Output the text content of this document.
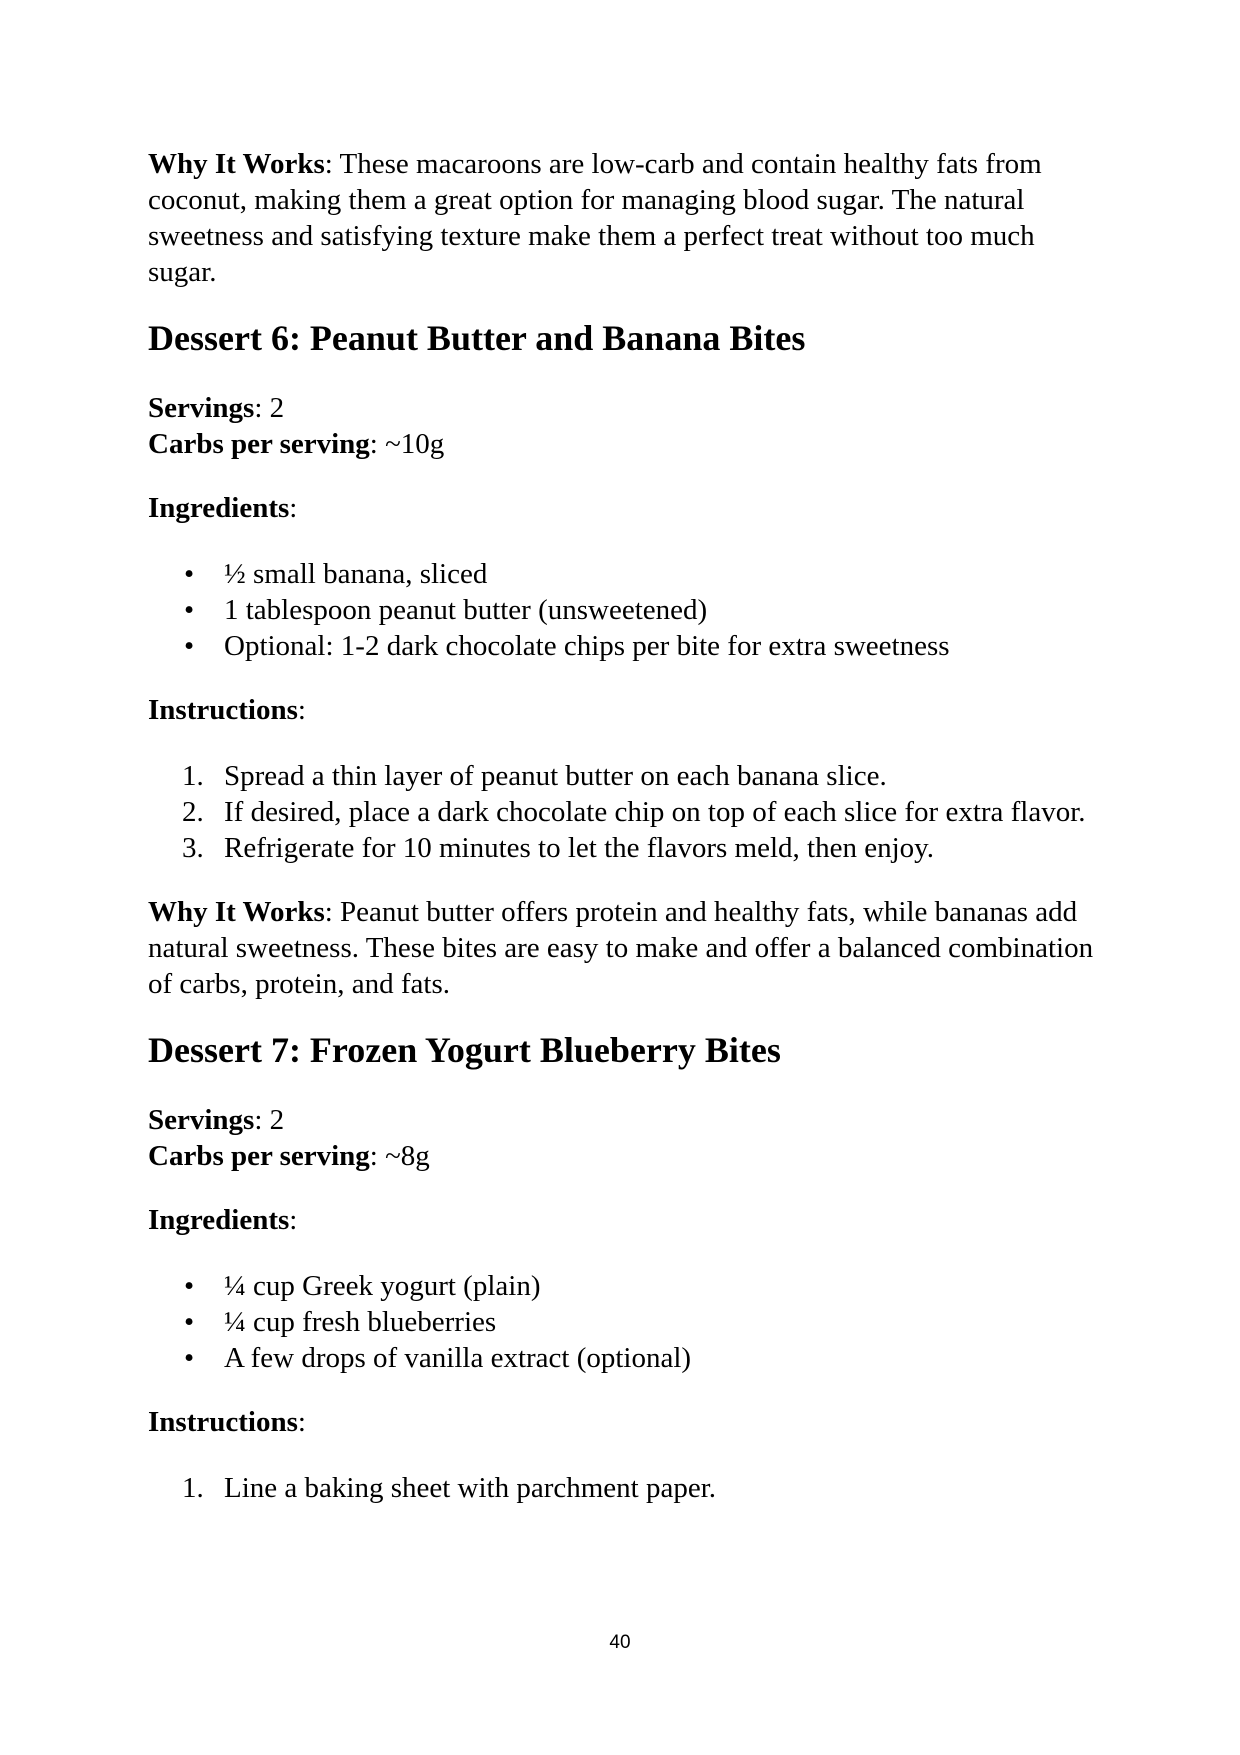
Why It Works: These macaroons are low-carb and contain healthy fats from coconut, making them a great option for managing blood sugar. The natural sweetness and satisfying texture make them a perfect treat without too much sugar.

Dessert 6: Peanut Butter and Banana Bites

Servings: 2

Carbs per serving: ~10g

Ingredients:

• ½ small banana, sliced
• 1 tablespoon peanut butter (unsweetened)
• Optional: 1-2 dark chocolate chips per bite for extra sweetness

Instructions:

1. Spread a thin layer of peanut butter on each banana slice.
2. If desired, place a dark chocolate chip on top of each slice for extra flavor.
3. Refrigerate for 10 minutes to let the flavors meld, then enjoy.

Why It Works: Peanut butter offers protein and healthy fats, while bananas add natural sweetness. These bites are easy to make and offer a balanced combination of carbs, protein, and fats.

Dessert 7: Frozen Yogurt Blueberry Bites

Servings: 2

Carbs per serving: ~8g

Ingredients:

• ¼ cup Greek yogurt (plain)
• ¼ cup fresh blueberries
• A few drops of vanilla extract (optional)

Instructions:

1. Line a baking sheet with parchment paper.
40
